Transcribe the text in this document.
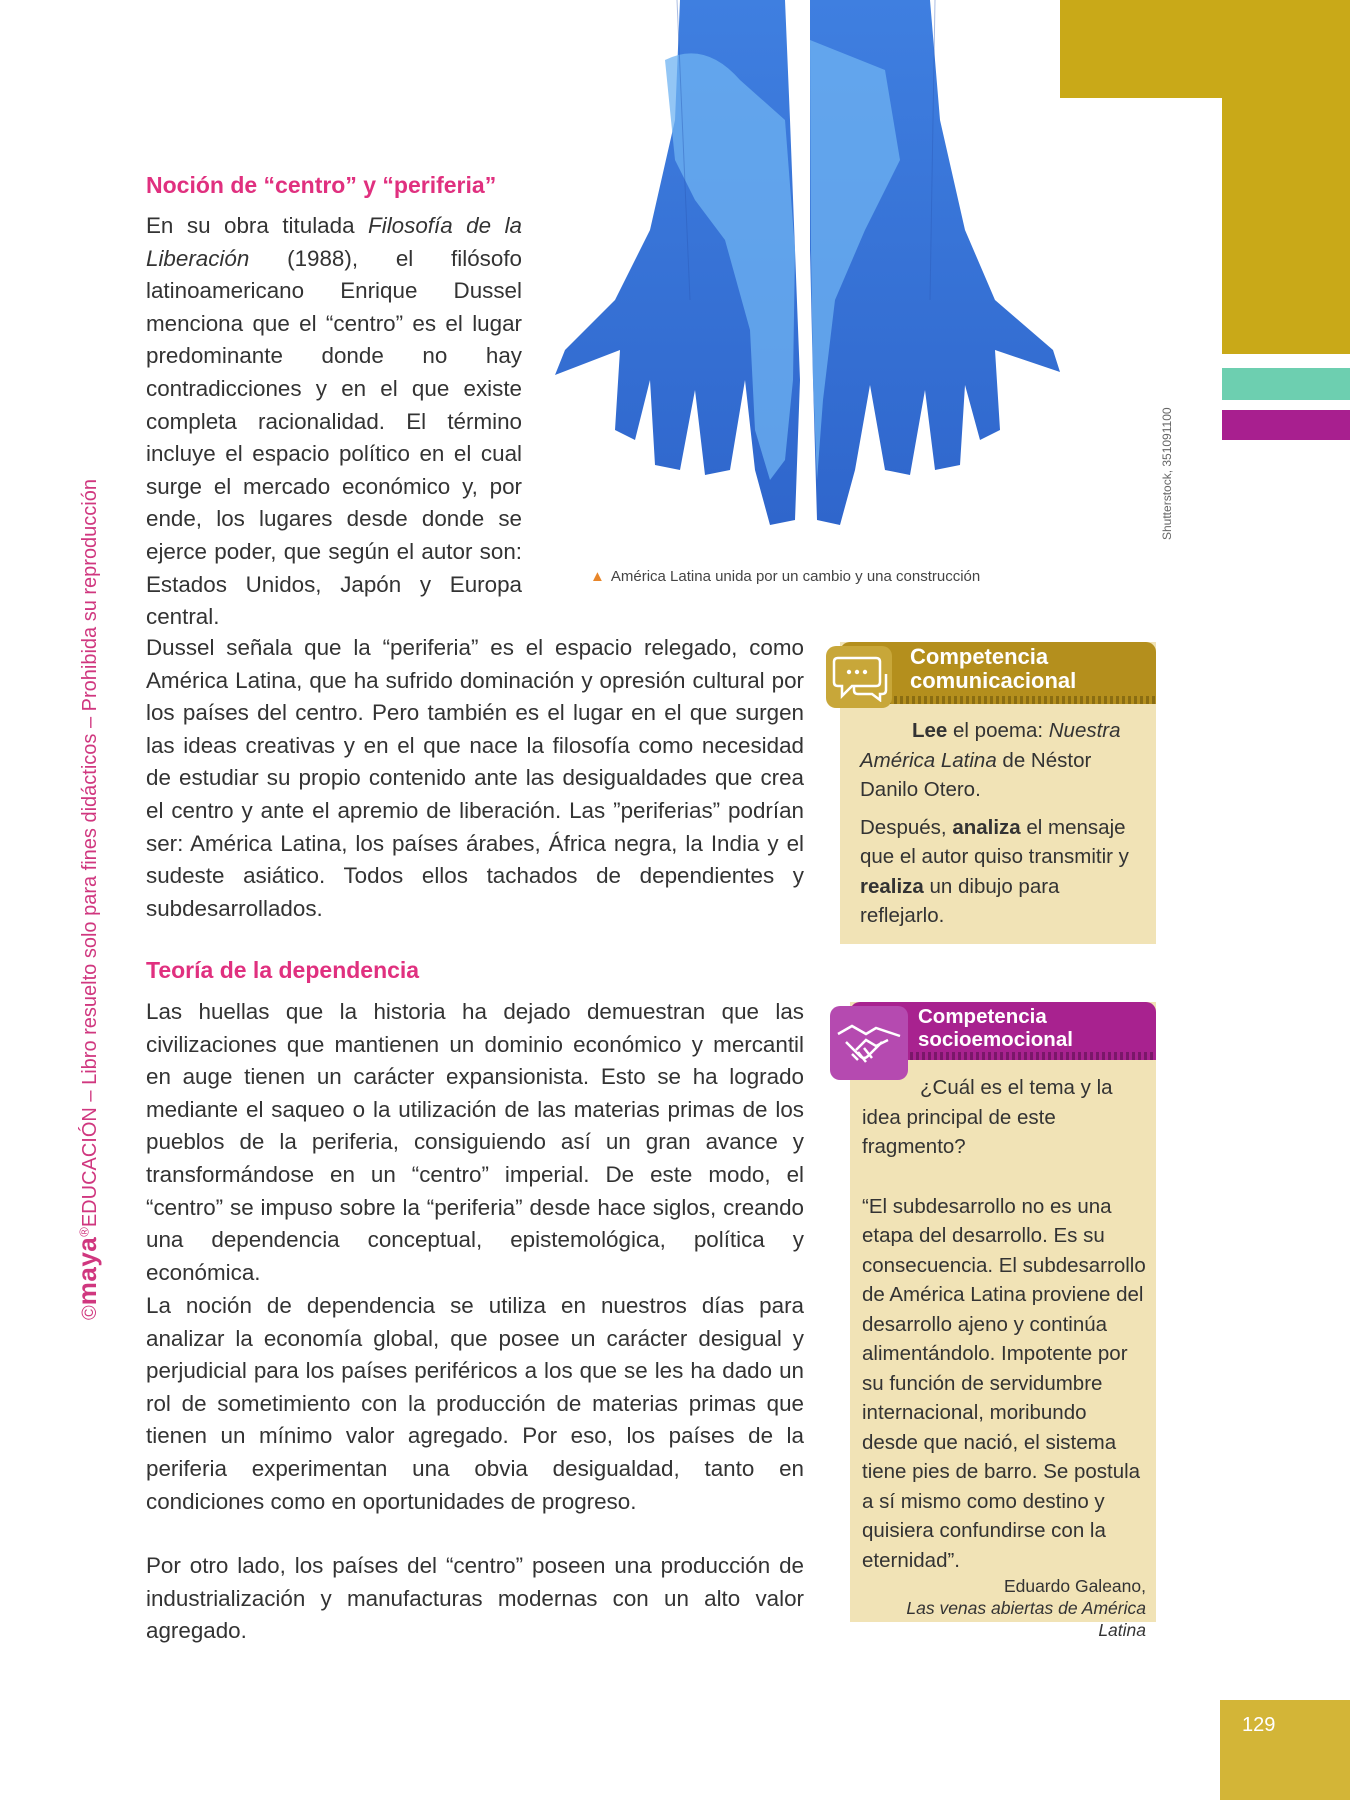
©maya®EDUCACIÓN – Libro resuelto solo para fines didácticos – Prohibida su reproducción
Shutterstock, 351091100
▲ América Latina unida por un cambio y una construcción
Noción de “centro” y “periferia”

En su obra titulada Filosofía de la Liberación (1988), el filósofo latinoamericano Enrique Dussel menciona que el “centro” es el lugar predominante donde no hay contradicciones y en el que existe completa racionalidad. El término incluye el espacio político en el cual surge el mercado económico y, por ende, los lugares desde donde se ejerce poder, que según el autor son: Estados Unidos, Japón y Europa central.

Dussel señala que la “periferia” es el espacio relegado, como América Latina, que ha sufrido dominación y opresión cultural por los países del centro. Pero también es el lugar en el que surgen las ideas creativas y en el que nace la filosofía como necesidad de estudiar su propio contenido ante las desigualdades que crea el centro y ante el apremio de liberación. Las ”periferias” podrían ser: América Latina, los países árabes, África negra, la India y el sudeste asiático. Todos ellos tachados de dependientes y subdesarrollados.

Teoría de la dependencia

Las huellas que la historia ha dejado demuestran que las civilizaciones que mantienen un dominio económico y mercantil en auge tienen un carácter expansionista. Esto se ha logrado mediante el saqueo o la utilización de las materias primas de los pueblos de la periferia, consiguiendo así un gran avance y transformándose en un “centro” imperial. De este modo, el “centro” se impuso sobre la “periferia” desde hace siglos, creando una dependencia conceptual, epistemológica, política y económica.

La noción de dependencia se utiliza en nuestros días para analizar la economía global, que posee un carácter desigual y perjudicial para los países periféricos a los que se les ha dado un rol de sometimiento con la producción de materias primas que tienen un mínimo valor agregado. Por eso, los países de la periferia experimentan una obvia desigualdad, tanto en condiciones como en oportunidades de progreso.

Por otro lado, los países del “centro” poseen una producción de industrialización y manufacturas modernas con un alto valor agregado.

Competencia
comunicacional

Lee el poema: Nuestra América Latina de Néstor Danilo Otero.

Después, analiza el mensaje que el autor quiso transmitir y realiza un dibujo para reflejarlo.

Competencia
socioemocional

¿Cuál es el tema y la idea principal de este fragmento?

“El subdesarrollo no es una etapa del desarrollo. Es su consecuencia. El subdesarrollo de América Latina proviene del desarrollo ajeno y continúa alimentándolo. Impotente por su función de servidumbre internacional, moribundo desde que nació, el sistema tiene pies de barro. Se postula a sí mismo como destino y quisiera confundirse con la eternidad”.

Eduardo Galeano,
Las venas abiertas de América Latina
129
